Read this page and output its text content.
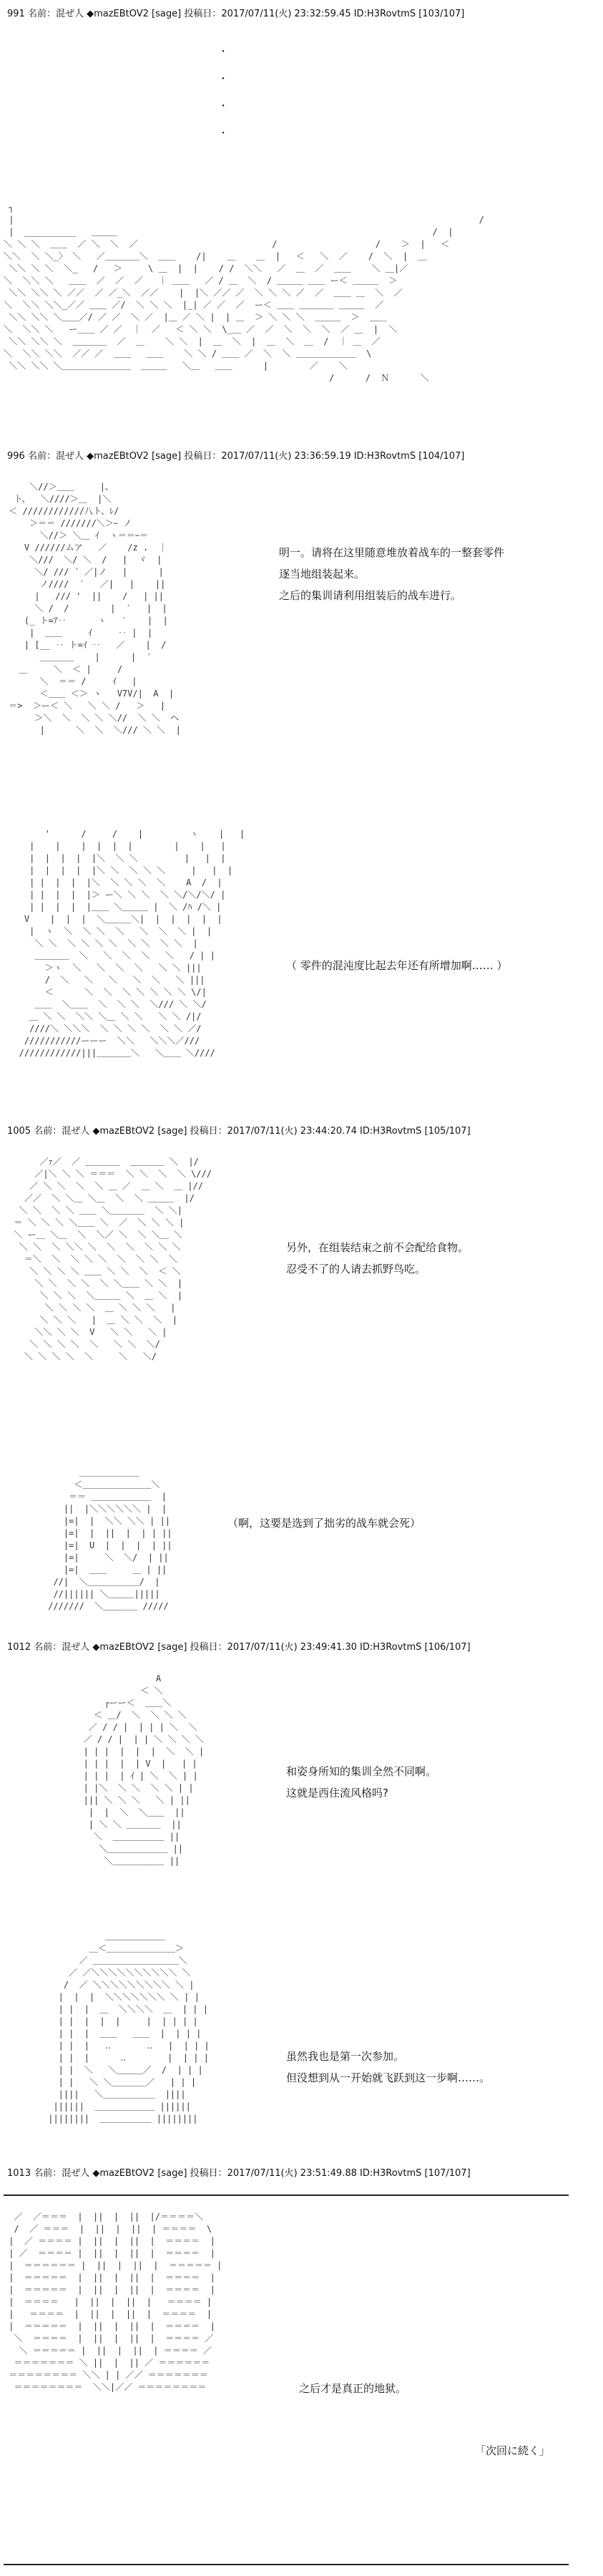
991 名前：混ぜ人 ◆mazEBtOV2 [sage] 投稿日：2017/07/11(火) 23:32:59.45 ID:H3RovtmS [103/107]
・
・
・
・

┐
|                                                                                          /
|  __________   ＿＿＿                                                             /  |
＼ ＼ ＼  ＿＿  ／ ＼  ＼  ／                          /                   /    ＞  |   ＜
＼＼  ＼ ＼_〉 ＼   ／＿＿＿＿＼  ＿＿    /|    ＿    ＿  |   ＜   ＼  ／    /  ＼  |  ＿
＼＼ ＼ ＼  ＼_   /   ＞     \ ＿  |  |    / /  ＼＼   ／  ＿  ／  ＿＿    ＼ ＿|／
＼  ＼＼ ＼   ＿＿  ／  ／  ／   ｜ ＿＿   ／ / ＿  ＼  / ＿＿＿ ＿＿ ー＜ ＿＿＿  ＞
＼＼ ＼＼ ＼ ／／  ／ ／_＼  ／／    |  |＼ ／／ ／  ＼ ＼ ＼ ／  ／  ＿＿ ＿  ＼  ／
＼  ＼＼ ＼＼_／／ ＿＿ ／/  ＼ ＼ ＼  |_| ／ ／  ／  ー＜ ＿＿ ＿＿＿＿ ＿＿＿  ／
＼＼ ＼＼ ＼＿＿／/ ／ ／  ＼ ／  |＿ ／ ＼ |  | ＿  ＞ ＼ ＼ ＼  ＿＿＿  ＞  ＿＿
＼  ＼＼ ＼   ー＿＿ ／ ／  ｜  ／   ＜ ＼ ＼  \_＿ ／  ／  ＼  ＼  ＼  ／ ＿  |  ＼
＼＼ ＼＼ ＼  ＿＿＿＿  ／  ＿    ＼ ＼  |  ＿  ＼  |  ＿  ＼  ＿  /  ｜ ＿  ／
＼  ＼＼ ＼＼  ／／ ／  ＿＿   ＿＿    ＼ ＼ / ＿＿ ／  ＼  ＼ ＿＿＿＿＿＿＿  \
＼＼ ＼＼ ＼＿＿＿＿＿＿＿＿  ＿＿＿   ＼＿   ＿＿      |        ／    ＼
/      /  Ｎ      ＼

996 名前：混ぜ人 ◆mazEBtOV2 [sage] 投稿日：2017/07/11(火) 23:36:59.19 ID:H3RovtmS [104/107]

＼//＞＿＿     |、
ト、  ＼////＞＿  |＼
＜ ////////////八ト、ﾚ/
＞＝＝ ///////＼＞ｰ ノ
＼//＞ ＼＿ ｲ  ヽ＝＝ｰ＝
V //////ムア   ／    /z .  ｜
＼///  ＼/ ＼  /   |  ヾ  |
＼/ /// ′ ／|ノ   |      |
ノ////  ′   ／|   |    ||
|   /// '  ||    /   | ||
＼ /  /        |  ′   |  |
(_ ト=ｱ‥      ヽ   ′    |  |
|  ＿＿     ｲ     ‥ |  |
| [__ ‥ ト=ｲ ‥   ／    |  /
＿＿＿＿    |      |  ′
＿     ＼  ＜ |     /
＼  ＝＝ /     ｲ   |
＜＿＿ ＜＞ ヽ   V7V/|  A  |
＝>  ＞ー＜ ＼   ＼ ＼ /   ＞   |
＞＼  ＼  ＼ ＼ ＼//  ＼ ＼  ヘ
|      ＼  ＼  ＼/// ＼ ＼  |

明一。请将在这里随意堆放着战车的一整套零件
逐当地组装起来。
之后的集训请利用组装后的战车进行。

'      /     /    |         ヽ    |   |
|    |    |  |  |  |        |    |   |
|  |  |  |  |＼  ＼ ＼         |   |  |
|  |  |  |  |＼ ＼  ＼ ＼ ＼     |   |  |
| |  |  |  |＼  ＼ ＼ ＼  ＼    A  /  |
| |  |  |  |＞ ー＼ ＼ ＼  ＼ ＼/＼/＼/ |
| |  |  |  |＿＿ ＼＿＿＿ |  ＼ /ﾊ /＼ |
V    |  |  |  ＼＿＿＿＼|  |  |  |  |  |
|  ヽ  ＼  ＼ ＼  ＼   ＼  ＼  ＼ |  |
＼ ＼  ＼ ＼ ＼ ＼  ＼ ＼  ＼ ＼  |
＿＿＿＿  ＼   ＼  ＼  ＼   ＼   / | |
＞ヽ  ＼   ＼  ＼  ＼   ＼ ＼ |||
/  ＼   ＼   ＼   ＼  ＼   ＼ |||
＜      ＼  ＼  ＼ ＼ ＼ ＼ ＼ \/|
＿＿  ＼＿＿  ＼  ＼ ＼  ＼/// ＼ ＼/
＿ ＼ ＼  ＼＼ ＼＿ ＼ ＼   ＼ ＼ /|/
////＼ ＼＼＼  ＼ ＼ ＼ ＼  ＼ ＼ ／/
///////////ーーー  ＼＼   ＼＼＼／///
////////////|||＿＿＿＿＼   ＼＿＿ ＼////

（ 零件的混沌度比起去年还有所增加啊…… ）
1005 名前：混ぜ人 ◆mazEBtOV2 [sage] 投稿日：2017/07/11(火) 23:44:20.74 ID:H3RovtmS [105/107]

／ｧ／  ／ ＿＿＿＿  ＿＿＿＿ ＼  |/
／|＼ ＼ ＼ ＝＝＝  ＼ ＼  ＼  ＼ \///
／ ＼ ＼  ＼  ＼ ＿ ／  ＿ ＼  ＿ |//
／／  ＼ ＼＿ ＼＿  ＼  ＼ ＿＿＿  |/
＼ ＼  ＼ ＼ ＿＿ ＼＿＿＿＿  ＼ ＼|
＝ ＼ ＼ ＼ ＼＿＿ ＼  ／  ＼ ＼ ＼ |
＼ ー＿ ＼＿  ＼  ＼／ ＼  ＼ ＼＿ ＼
＼ ＼  ＼ ＼＼ ＼  ＼  ＼  ＼ ＼ ＼
＝＼  ＼  ＼ ＼ ＼  ＼  ＼ ＼  ＼
＼ ＼ ＼ ＼ ＿＿ ＼ ＼  ＼  ＜ ＼
＼ ＼  ＼ ＼  ＼ ＼＿＿ ＼ ＼  |
＼ ＼ ＼  ＼＿＿＿ ＼  ＿ ＼  |
＼ ＼ ＼ ＼  ＿ ＼ ＼ ＼   |
＼ ＼ ＼   |  ＿ ＼ ＼  ＼  |
＼＼ ＼ ＼  V   ＼ ＼   ＼ |
＼ ＼ ＼ ＼  ＼   ＼ ＼  ＼/
＼ ＼ ＼ ＼  ＼     ＼   ＼/

另外，在组装结束之前不会配给食物。
忍受不了的人请去抓野鸟吃。

＿＿＿＿＿＿＿
＜＿＿＿＿＿＿＿＿＼
＝＝ ＿＿＿＿＿＿＿  |
||  |＼＼＼＼＼＼ |  |
|=|  |  ＼＼ ＼＼ | ||
|=|  |  ||  |  | | ||
|=|  U  |  |  |  | ||
|=|     ＼  ＼/  | ||
|=|  ＿＿     ＿ | ||
//|  ＼＿＿＿＿＿＿/  |
//|||||| ＼＿＿＿|||||
///////  ＼＿＿＿＿ /////

（啊，这要是选到了拙劣的战车就会死）
1012 名前：混ぜ人 ◆mazEBtOV2 [sage] 投稿日：2017/07/11(火) 23:49:41.30 ID:H3RovtmS [106/107]

A
＜ ＼
┌ーー＜  ＿＿＼
＜ ＿/  ＼  ＼ ＼ ＼
／ / / |  | | | ＼  ＼
／ / / |  | | ＼ ＼ ＼ ＼
| | |  |  |  |  ＼  ＼ |
| | |  |  | V  |   | |
| | |  | ｲ | ＼  ＼ | |
| |＼  ＼ ＼  ＼ ＼ | |
||| ＼ ＼ ＼   ＼ | ||
|  |  ＼  ＼＿＿  ||
| ＼ ＼ ＿＿＿＿  ||
＼  ＿＿＿＿＿＿ ||
＼＿＿＿＿＿＿＿ ||
＼＿＿＿＿＿＿ ||

和姿身所知的集训全然不同啊。
这就是西住流风格吗?

＿＿＿＿＿＿＿
＿＜＿＿＿＿＿＿＿＿＞
／ ＿＿＿＿＿＿＿＿＿＿＼
／ ／＼＼＼＼＼＼＼＼＼＼ ＼
/  ／ ＼＼＼＼＼＼＼＼＼ ＼ |
|  |  |  ＼＼＼＼＼＼＼ ＼ | |
| |  |  ＿  ＼＼＼＼  ＿  | | |
| |  |  |  |     |  | | | |
| |  |  ＿＿   ＿＿  |  | | |
| |  |   ‥       ‥   |  | | |
| |  |      ‥        |  | | |
| |  ＼   ＼＿＿＿／  /  | | |
| |   ＼ ＼＿＿＿＿／   | | |
||||   ＼＿＿＿＿＿＿  ||||
||||||  ＿＿＿＿＿＿＿ ||||||
||||||||  ＿＿＿＿＿＿ ||||||||

虽然我也是第一次参加。
但没想到从一开始就飞跃到这一步啊……。
1013 名前：混ぜ人 ◆mazEBtOV2 [sage] 投稿日：2017/07/11(火) 23:51:49.88 ID:H3RovtmS [107/107]

／  ／＝＝＝  |  ||  |  ||  |/＝＝＝＝＼
/  ／ ＝＝＝  |  ||  |  ||  | ＝＝＝＝  \
|  ／ ＝＝＝＝ |  ||  |  ||  |  ＝＝＝＝  |
| ／  ＝＝＝＝ |  ||  |  ||  |  ＝＝＝＝  |
|  ＝＝＝＝＝＝ |  ||  |  ||  |  ＝＝＝＝＝ |
|  ＝＝＝＝＝  |  ||  |  ||  |  ＝＝＝＝  |
|  ＝＝＝＝＝  |  ||  |  ||  |  ＝＝＝＝  |
|  ＝＝＝＝   |  ||  |  ||  |   ＝＝＝＝ |
|   ＝＝＝＝  |  ||  |  ||  |  ＝＝＝＝  |
|  ＝＝＝＝＝  |  ||  |  ||  |  ＝＝＝＝  |
＼  ＝＝＝＝  |  ||  |  ||  |  ＝＝＝＝ ／
＼ ＝＝＝＝＝ |  ||  |  ||  | ＝＝＝＝ ／
＝＝＝＝＝＝＝ ＼ ||  |  || ／ ＝＝＝＝＝＝
＝＝＝＝＝＝＝＝ ＼＼ | | ／／ ＝＝＝＝＝＝＝
＝＝＝＝＝＝＝＝  ＼＼|／／ ＝＝＝＝＝＝＝＝	之后才是真正的地狱。
「次回に続く」
